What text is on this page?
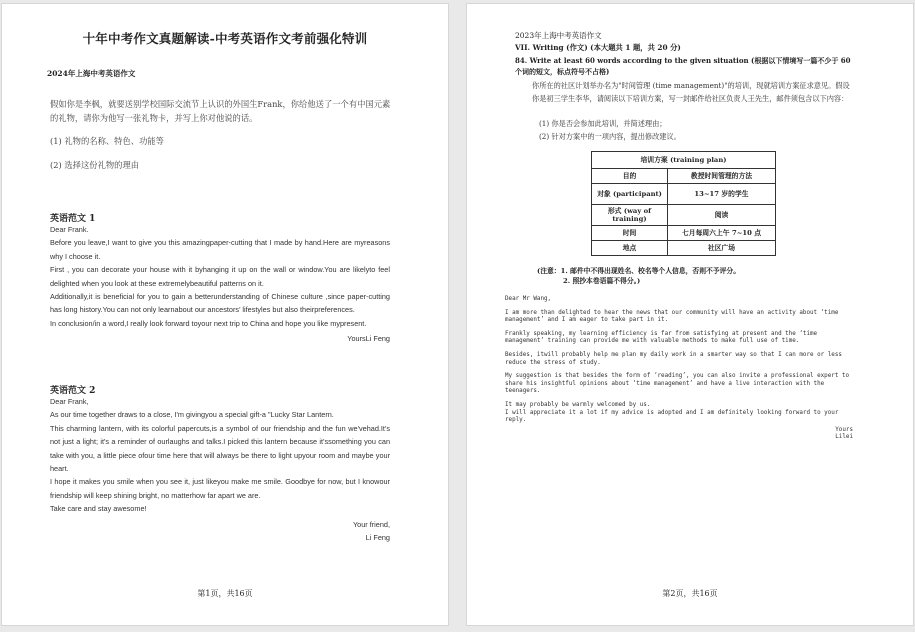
十年中考作文真题解读-中考英语作文考前强化特训
2024年上海中考英语作文
假如你是李枫，就要送别学校国际交流节上认识的外国生Frank，你给他送了一个有中国元素的礼物，请你为他写一张礼物卡，并写上你对他说的话。
(1) 礼物的名称、特色、功能等
(2) 选择这份礼物的理由
英语范文 1

Dear Frank.

Before you leave,I want to give you this amazingpaper-cutting that I made by hand.Here are myreasons why I choose it.

First , you can decorate your house with it byhanging it up on the wall or window.You are likelyto feel delighted when you look at these extremelybeautiful patterns on it.

Additionally,it is beneficial for you to gain a betterunderstanding of Chinese culture ,since paper-cutting has long history.You can not only learnabout our ancestors’ lifestyles but also theirpreferences.

In conclusion/in a word,I really look forward toyour next trip to China and hope you like mypresent.

YoursLi Feng

英语范文 2

Dear Frank,

As our time together draws to a close, I'm givingyou a special gift-a "Lucky Star Lantern.

This charming lantern, with its colorful papercuts,is a symbol of our friendship and the fun we'vehad.It's not just a light; it's a reminder of ourlaughs and talks.I picked this lantern because it'ssomething you can take with you, a little piece ofour time here that will always be there to light upyour room and maybe your heart.

I hope it makes you smile when you see it, just likeyou make me smile. Goodbye for now, but I knowour friendship will keep shining bright, no matterhow far apart we are.

Take care and stay awesome!

Your friend,

Li Feng

第1页，共16页
2023年上海中考英语作文
VII. Writing (作文) (本大题共 1 题，共 20 分)
84. Write at least 60 words according to the given situation (根据以下情境写一篇不少于 60 个词的短文，标点符号不占格)
你所在的社区计划举办名为"时间管理 (time management)"的培训，现就培训方案征求意见。假设你是初三学生李华，请阅读以下培训方案，写一封邮件给社区负责人王先生，邮件须包含以下内容：
(1) 你是否会参加此培训，并简述理由；
(2) 针对方案中的一项内容，提出修改建议。
培训方案 (training plan)	
目的	教授时间管理的方法
对象 (participant)	13~17 岁的学生
形式 (way of training)	阅读
时间	七月每周六上午 7~10 点
地点	社区广场
(注意：1. 邮件中不得出现姓名、校名等个人信息，否则不予评分。
2. 照抄本卷语篇不得分。)

Dear Mr Wang,

I am more than delighted to hear the news that our community will have an activity about ‘time management’ and I am eager to take part in it.

Frankly speaking, my learning efficiency is far from satisfying at present and the ‘time management’ training can provide me with valuable methods to make full use of time.

Besides, itwill probably help me plan my daily work in a smarter way so that I can more or less reduce the stress of study.

My suggestion is that besides the form of ‘reading’, you can also invite a professional expert to share his insightful opinions about ‘time management’ and have a live interaction with the teenagers.

It may probably be warmly welcomed by us.
I will appreciate it a lot if my advice is adopted and I am definitely looking forward to your reply.

Yours

Lilei

第2页，共16页
